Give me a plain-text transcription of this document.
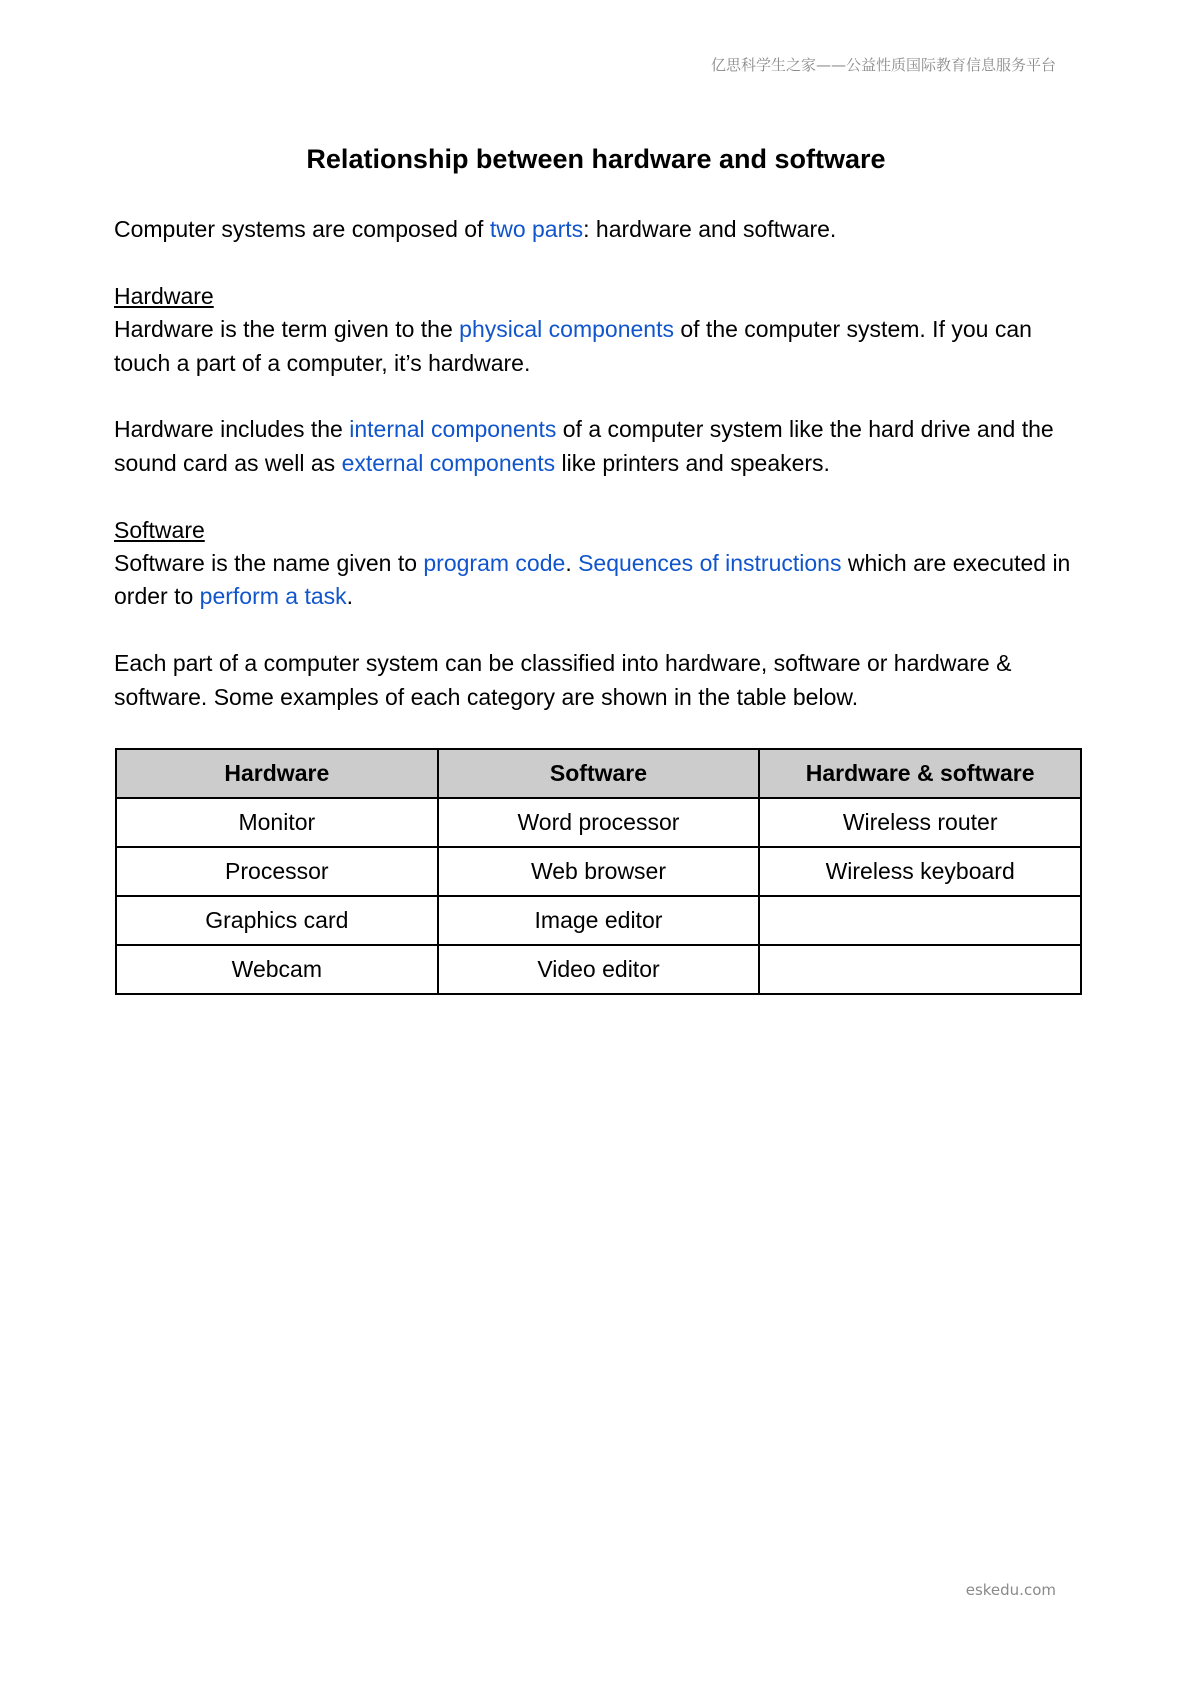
亿思科学生之家——公益性质国际教育信息服务平台
Relationship between hardware and software

Computer systems are composed of two parts: hardware and software.

Hardware

Hardware is the term given to the physical components of the computer system. If you can touch a part of a computer, it’s hardware.

Hardware includes the internal components of a computer system like the hard drive and the sound card as well as external components like printers and speakers.

Software

Software is the name given to program code. Sequences of instructions which are executed in order to perform a task.

Each part of a computer system can be classified into hardware, software or hardware & software. Some examples of each category are shown in the table below.

Hardware	Software	Hardware & software
Monitor	Word processor	Wireless router
Processor	Web browser	Wireless keyboard
Graphics card	Image editor	
Webcam	Video editor	
eskedu.com
